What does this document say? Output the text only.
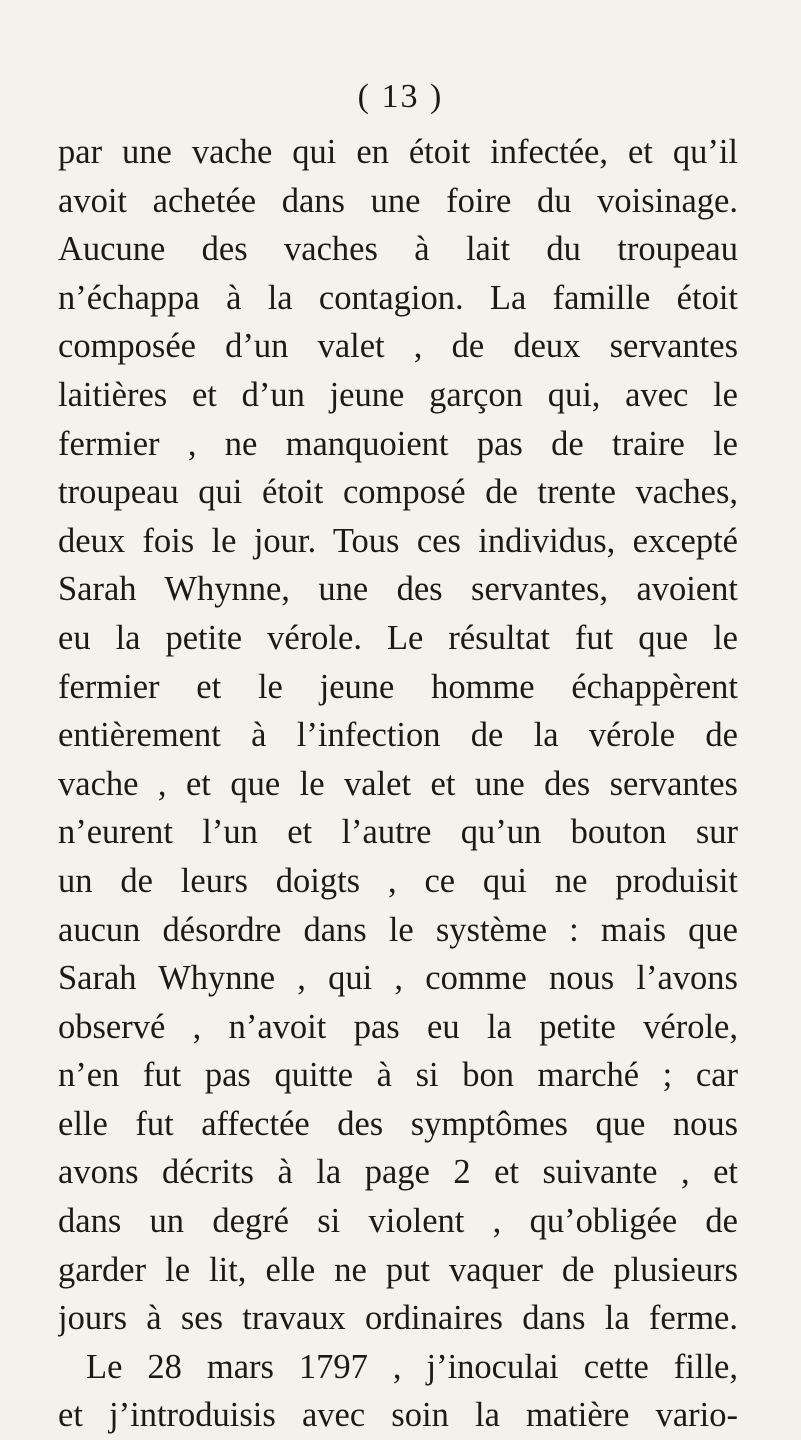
( 13 )
par une vache qui en étoit infectée, et qu’il
avoit achetée dans une foire du voisinage.
Aucune des vaches à lait du troupeau
n’échappa à la contagion. La famille étoit
composée d’un valet , de deux servantes
laitières et d’un jeune garçon qui, avec le
fermier , ne manquoient pas de traire le
troupeau qui étoit composé de trente vaches,
deux fois le jour. Tous ces individus, excepté
Sarah Whynne, une des servantes, avoient
eu la petite vérole. Le résultat fut que le
fermier et le jeune homme échappèrent
entièrement à l’infection de la vérole de
vache , et que le valet et une des servantes
n’eurent l’un et l’autre qu’un bouton sur
un de leurs doigts , ce qui ne produisit
aucun désordre dans le système : mais que
Sarah Whynne , qui , comme nous l’avons
observé , n’avoit pas eu la petite vérole,
n’en fut pas quitte à si bon marché ; car
elle fut affectée des symptômes que nous
avons décrits à la page 2 et suivante , et
dans un degré si violent , qu’obligée de
garder le lit, elle ne put vaquer de plusieurs
jours à ses travaux ordinaires dans la ferme.
Le 28 mars 1797 , j’inoculai cette fille,
et j’introduisis avec soin la matière vario-
